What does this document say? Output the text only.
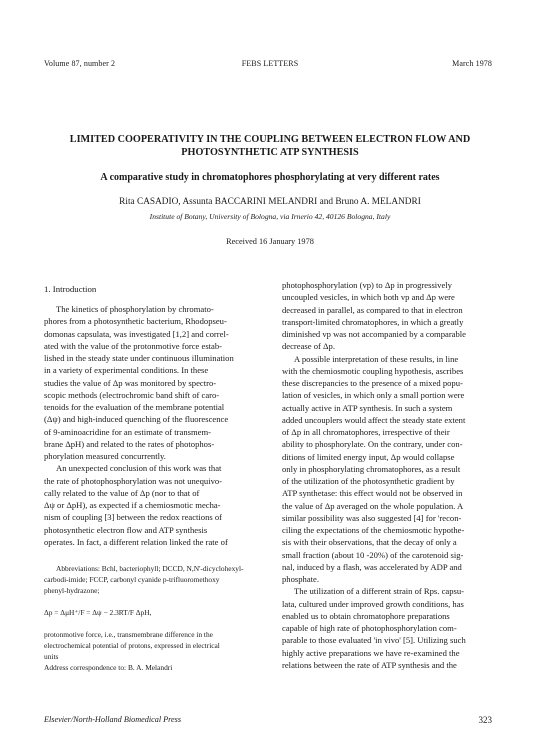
Volume 87, number 2	FEBS LETTERS	March 1978
LIMITED COOPERATIVITY IN THE COUPLING BETWEEN ELECTRON FLOW AND
PHOTOSYNTHETIC ATP SYNTHESIS
A comparative study in chromatophores phosphorylating at very different rates
Rita CASADIO, Assunta BACCARINI MELANDRI and Bruno A. MELANDRI
Institute of Botany, University of Bologna, via Irnerio 42, 40126 Bologna, Italy
Received 16 January 1978
1. Introduction
The kinetics of phosphorylation by chromato-
phores from a photosynthetic bacterium, Rhodopseu-
domonas capsulata, was investigated [1,2] and correl-
ated with the value of the protonmotive force estab-
lished in the steady state under continuous illumination
in a variety of experimental conditions. In these
studies the value of Δp was monitored by spectro-
scopic methods (electrochromic band shift of caro-
tenoids for the evaluation of the membrane potential
(Δψ) and high-induced quenching of the fluorescence
of 9-aminoacridine for an estimate of transmem-
brane ΔpH) and related to the rates of photophos-
phorylation measured concurrently.
An unexpected conclusion of this work was that
the rate of photophosphorylation was not unequivo-
cally related to the value of Δp (nor to that of
Δψ or ΔpH), as expected if a chemiosmotic mecha-
nism of coupling [3] between the redox reactions of
photosynthetic electron flow and ATP synthesis
operates. In fact, a different relation linked the rate of
Abbreviations: Bchl, bacteriophyll; DCCD, N,N'-dicyclohexyl-
carbodi-imide; FCCP, carbonyl cyanide p-trifluoromethoxy
phenyl-hydrazone;
Δp = ΔμH⁺/F = Δψ − 2.3RT/F ΔpH,
protonmotive force, i.e., transmembrane difference in the
electrochemical potential of protons, expressed in electrical
units
Address correspondence to: B. A. Melandri
photophosphorylation (vp) to Δp in progressively
uncoupled vesicles, in which both vp and Δp were
decreased in parallel, as compared to that in electron
transport-limited chromatophores, in which a greatly
diminished vp was not accompanied by a comparable
decrease of Δp.
A possible interpretation of these results, in line
with the chemiosmotic coupling hypothesis, ascribes
these discrepancies to the presence of a mixed popu-
lation of vesicles, in which only a small portion were
actually active in ATP synthesis. In such a system
added uncouplers would affect the steady state extent
of Δp in all chromatophores, irrespective of their
ability to phosphorylate. On the contrary, under con-
ditions of limited energy input, Δp would collapse
only in phosphorylating chromatophores, as a result
of the utilization of the photosynthetic gradient by
ATP synthetase: this effect would not be observed in
the value of Δp averaged on the whole population. A
similar possibility was also suggested [4] for 'recon-
ciling the expectations of the chemiosmotic hypothe-
sis with their observations, that the decay of only a
small fraction (about 10 -20%) of the carotenoid sig-
nal, induced by a flash, was accelerated by ADP and
phosphate.
The utilization of a different strain of Rps. capsu-
lata, cultured under improved growth conditions, has
enabled us to obtain chromatophore preparations
capable of high rate of photophosphorylation com-
parable to those evaluated 'in vivo' [5]. Utilizing such
highly active preparations we have re-examined the
relations between the rate of ATP synthesis and the
Elsevier/North-Holland Biomedical Press	323
